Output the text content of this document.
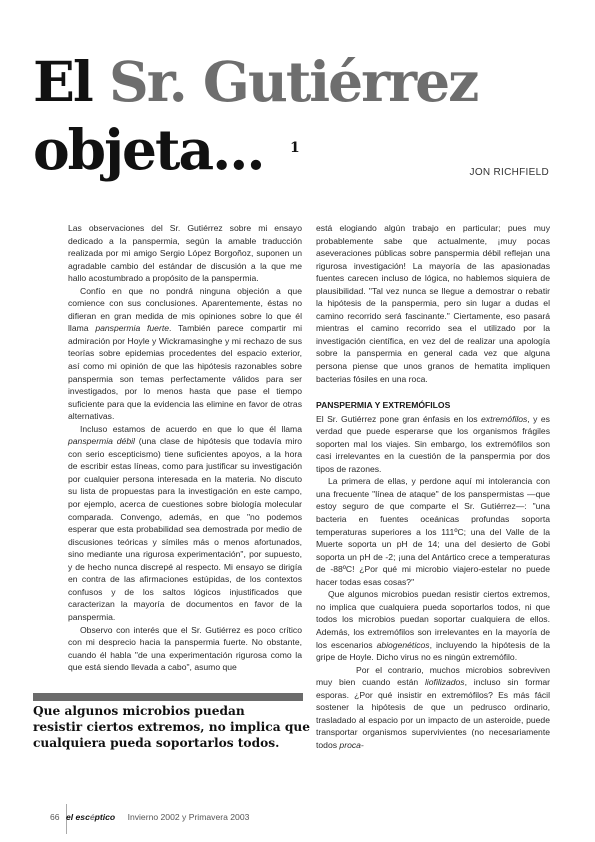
El Sr. Gutiérrez
objeta... 1
JON RICHFIELD

Las observaciones del Sr. Gutiérrez sobre mi ensayo dedicado a la panspermia, según la amable traducción realizada por mi amigo Sergio López Borgoñoz, suponen un agradable cambio del estándar de discusión a la que me hallo acostumbrado a propósito de la panspermia.

Confío en que no pondrá ninguna objeción a que comience con sus conclusiones. Aparentemente, éstas no difieran en gran medida de mis opiniones sobre lo que él llama panspermia fuerte. También parece compartir mi admiración por Hoyle y Wickramasinghe y mi rechazo de sus teorías sobre epidemias procedentes del espacio exterior, así como mi opinión de que las hipótesis razonables sobre panspermia son temas perfectamente válidos para ser investigados, por lo menos hasta que pase el tiempo suficiente para que la evidencia las elimine en favor de otras alternativas.

Incluso estamos de acuerdo en que lo que él llama panspermia débil (una clase de hipótesis que todavía miro con serio escepticismo) tiene suficientes apoyos, a la hora de escribir estas líneas, como para justificar su investigación por cualquier persona interesada en la materia. No discuto su lista de propuestas para la investigación en este campo, por ejemplo, acerca de cuestiones sobre biología molecular comparada. Convengo, además, en que "no podemos esperar que esta probabilidad sea demostrada por medio de discusiones teóricas y símiles más o menos afortunados, sino mediante una rigurosa experimentación", por supuesto, y de hecho nunca discrepé al respecto. Mi ensayo se dirigía en contra de las afirmaciones estúpidas, de los contextos confusos y de los saltos lógicos injustificados que caracterizan la mayoría de documentos en favor de la panspermia.

Observo con interés que el Sr. Gutiérrez es poco crítico con mi desprecio hacia la panspermia fuerte. No obstante, cuando él habla "de una experimentación rigurosa como la que está siendo llevada a cabo", asumo que

está elogiando algún trabajo en particular; pues muy probablemente sabe que actualmente, ¡muy pocas aseveraciones públicas sobre panspermia débil reflejan una rigurosa investigación! La mayoría de las apasionadas fuentes carecen incluso de lógica, no hablemos siquiera de plausibilidad. "Tal vez nunca se llegue a demostrar o rebatir la hipótesis de la panspermia, pero sin lugar a dudas el camino recorrido será fascinante." Ciertamente, eso pasará mientras el camino recorrido sea el utilizado por la investigación científica, en vez del de realizar una apología sobre la panspermia en general cada vez que alguna persona piense que unos granos de hematita impliquen bacterias fósiles en una roca.

PANSPERMIA Y EXTREMÓFILOS

El Sr. Gutiérrez pone gran énfasis en los extremófilos, y es verdad que puede esperarse que los organismos frágiles soporten mal los viajes. Sin embargo, los extremófilos son casi irrelevantes en la cuestión de la panspermia por dos tipos de razones.

La primera de ellas, y perdone aquí mi intolerancia con una frecuente "línea de ataque" de los panspermistas —que estoy seguro de que comparte el Sr. Gutiérrez—: "una bacteria en fuentes oceánicas profundas soporta temperaturas superiores a los 111ºC; una del Valle de la Muerte soporta un pH de 14; una del desierto de Gobi soporta un pH de -2; ¡una del Antártico crece a temperaturas de -88ºC! ¿Por qué mi microbio viajero-estelar no puede hacer todas esas cosas?"

Que algunos microbios puedan resistir ciertos extremos, no implica que cualquiera pueda soportarlos todos, ni que todos los microbios puedan soportar cualquiera de ellos. Además, los extremófilos son irrelevantes en la mayoría de los escenarios abiogenéticos, incluyendo la hipótesis de la gripe de Hoyle. Dicho virus no es ningún extremófilo.

Por el contrario, muchos microbios sobreviven muy bien cuando están liofilizados, incluso sin formar esporas. ¿Por qué insistir en extremófilos? Es más fácil sostener la hipótesis de que un pedrusco ordinario, trasladado al espacio por un impacto de un asteroide, puede transportar organismos supervivientes (no necesariamente todos proca-

Que algunos microbios puedan
resistir ciertos extremos, no implica que
cualquiera pueda soportarlos todos.
66 el escéptico Invierno 2002 y Primavera 2003
